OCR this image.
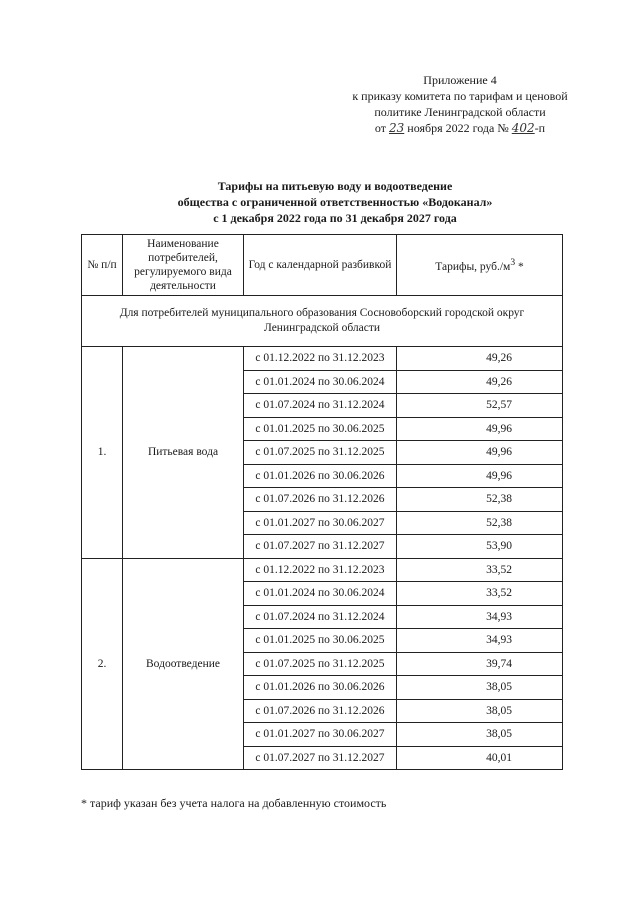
Приложение 4
к приказу комитета по тарифам и ценовой
политике Ленинградской области
от 23 ноября 2022 года № 402-п
Тарифы на питьевую воду и водоотведение
общества с ограниченной ответственностью «Водоканал»
с 1 декабря 2022 года по 31 декабря 2027 года
№ п/п	Наименование потребителей, регулируемого вида деятельности	Год с календарной разбивкой	Тарифы, $руб./м^3$ *
Для потребителей муниципального образования Сосновоборский городской округ Ленинградской области			
1.	Питьевая вода	с 01.12.2022 по 31.12.2023	49,26
		с 01.01.2024 по 30.06.2024	49,26
		с 01.07.2024 по 31.12.2024	52,57
		с 01.01.2025 по 30.06.2025	49,96
		с 01.07.2025 по 31.12.2025	49,96
		с 01.01.2026 по 30.06.2026	49,96
		с 01.07.2026 по 31.12.2026	52,38
		с 01.01.2027 по 30.06.2027	52,38
		с 01.07.2027 по 31.12.2027	53,90
2.	Водоотведение	с 01.12.2022 по 31.12.2023	33,52
		с 01.01.2024 по 30.06.2024	33,52
		с 01.07.2024 по 31.12.2024	34,93
		с 01.01.2025 по 30.06.2025	34,93
		с 01.07.2025 по 31.12.2025	39,74
		с 01.01.2026 по 30.06.2026	38,05
		с 01.07.2026 по 31.12.2026	38,05
		с 01.01.2027 по 30.06.2027	38,05
		с 01.07.2027 по 31.12.2027	40,01
* тариф указан без учета налога на добавленную стоимость
